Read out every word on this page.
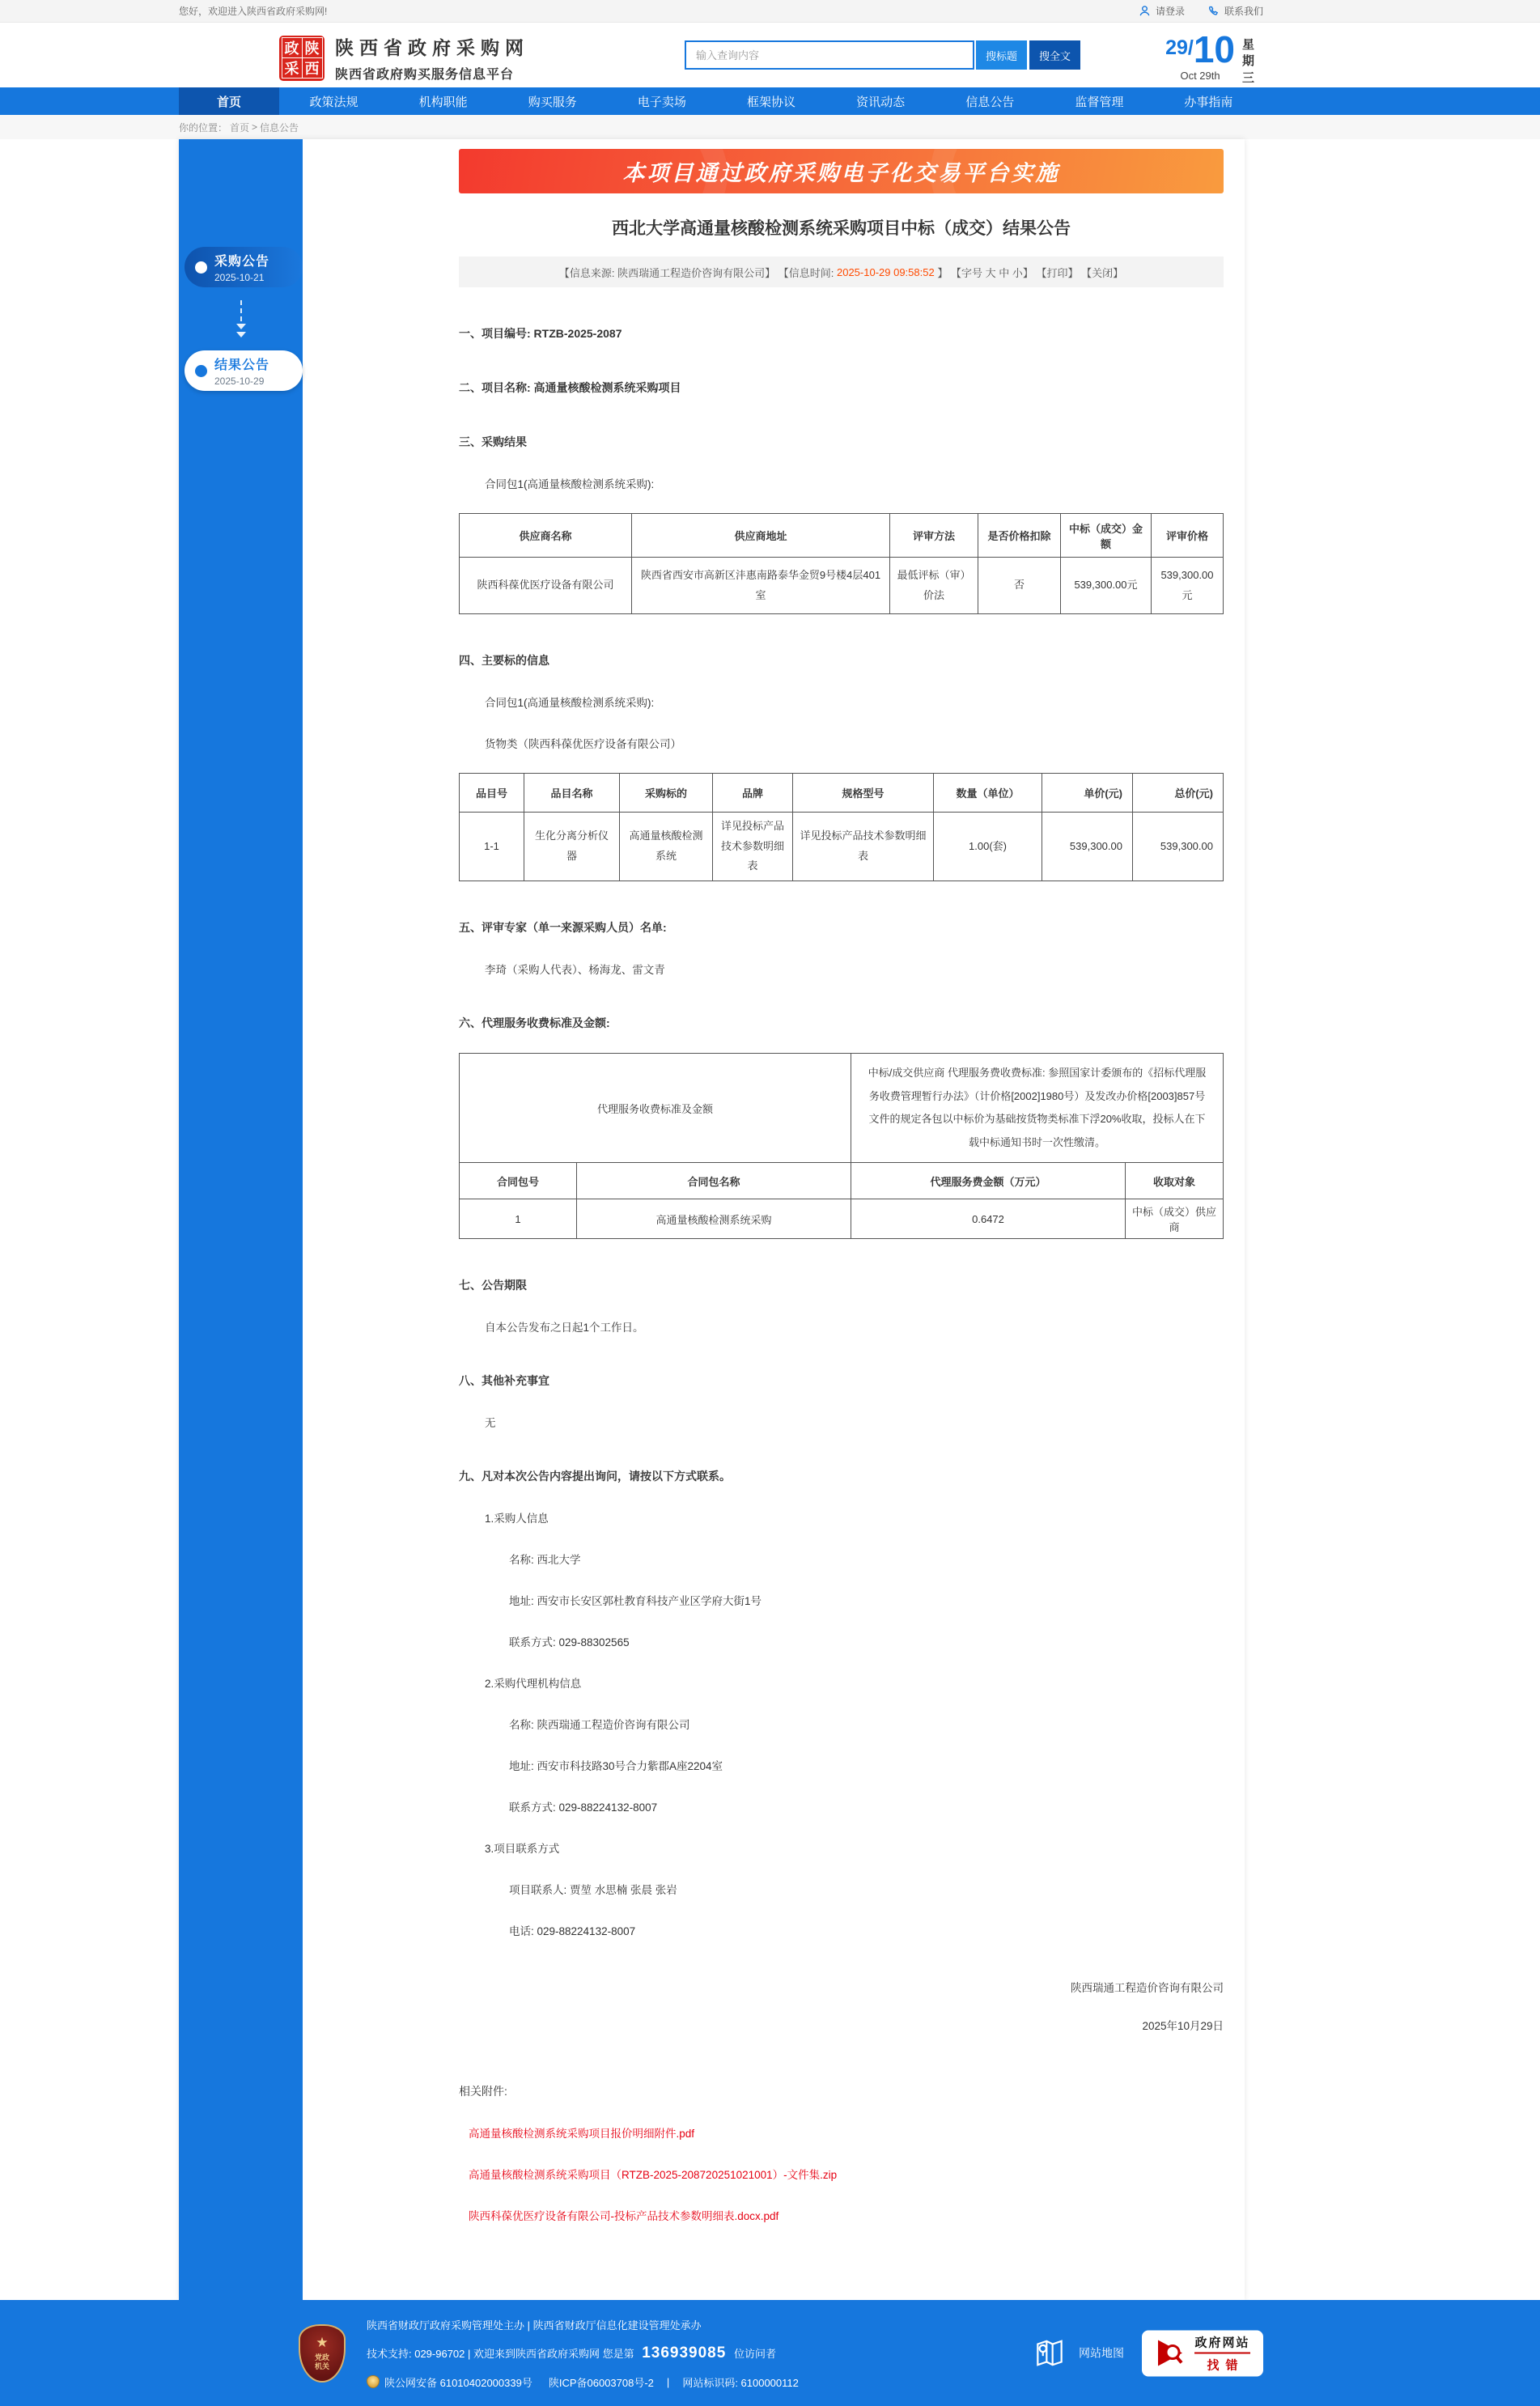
您好，欢迎进入陕西省政府采购网!	请登录	联系我们
政 陕
采 西
陕西省政府采购网
陕西省政府购买服务信息平台
输入查询内容
搜标题	搜全文	29/10
Oct 29th
星期三
首页	政策法规	机构职能	购买服务	电子卖场	框架协议	资讯动态	信息公告	监督管理	办事指南
你的位置： 首页 > 信息公告
采购公告
2025-10-21
结果公告
2025-10-29
本项目通过政府采购电子化交易平台实施
西北大学高通量核酸检测系统采购项目中标（成交）结果公告
【信息来源: 陕西瑞通工程造价咨询有限公司】 【信息时间: 2025-10-29 09:58:52 】 【字号 大 中 小 】 【打印】 【关闭】
一、项目编号: RTZB-2025-2087
二、项目名称: 高通量核酸检测系统采购项目
三、采购结果
合同包1(高通量核酸检测系统采购):
供应商名称	供应商地址	评审方法	是否价格扣除	中标（成交）金额	评审价格
陕西科葆优医疗设备有限公司	陕西省西安市高新区沣惠南路泰华金贸9号楼4层401室	最低评标（审）价法	否	539,300.00元	539,300.00元
四、主要标的信息
合同包1(高通量核酸检测系统采购):
货物类（陕西科葆优医疗设备有限公司）
品目号	品目名称	采购标的	品牌	规格型号	数量（单位）	单价(元)	总价(元)
1-1	生化分离分析仪器	高通量核酸检测系统	详见投标产品技术参数明细表	详见投标产品技术参数明细表	1.00(套)	539,300.00	539,300.00
五、评审专家（单一来源采购人员）名单:
李琦（采购人代表）、杨海龙、雷文青
六、代理服务收费标准及金额:
代理服务收费标准及金额		中标/成交供应商 代理服务费收费标准: 参照国家计委颁布的《招标代理服务收费管理暂行办法》（计价格[2002]1980号）及发改办价格[2003]857号文件的规定各包以中标价为基础按货物类标准下浮20%收取，投标人在下载中标通知书时一次性缴清。	
合同包号	合同包名称	代理服务费金额（万元）	收取对象
1	高通量核酸检测系统采购	0.6472	中标（成交）供应商
七、公告期限
自本公告发布之日起1个工作日。
八、其他补充事宜
无
九、凡对本次公告内容提出询问，请按以下方式联系。
1.采购人信息
名称: 西北大学
地址: 西安市长安区郭杜教育科技产业区学府大街1号
联系方式: 029-88302565
2.采购代理机构信息
名称: 陕西瑞通工程造价咨询有限公司
地址: 西安市科技路30号合力紫郡A座2204室
联系方式: 029-88224132-8007
3.项目联系方式
项目联系人: 贾堃 水思楠 张晨 张岩
电话: 029-88224132-8007
陕西瑞通工程造价咨询有限公司
2025年10月29日
相关附件:
高通量核酸检测系统采购项目报价明细附件.pdf
高通量核酸检测系统采购项目（RTZB-2025-208720251021001）-文件集.zip
陕西科葆优医疗设备有限公司-投标产品技术参数明细表.docx.pdf
★
党政机关
陕西省财政厅政府采购管理处主办 | 陕西省财政厅信息化建设管理处承办
技术支持: 029-96702 | 欢迎来到陕西省政府采购网 您是第 136939085 位访问者
陕公网安备 61010402000339号 陕ICP备06003708号-2 | 网站标识码: 6100000112
网站地图
政府网站
找错
